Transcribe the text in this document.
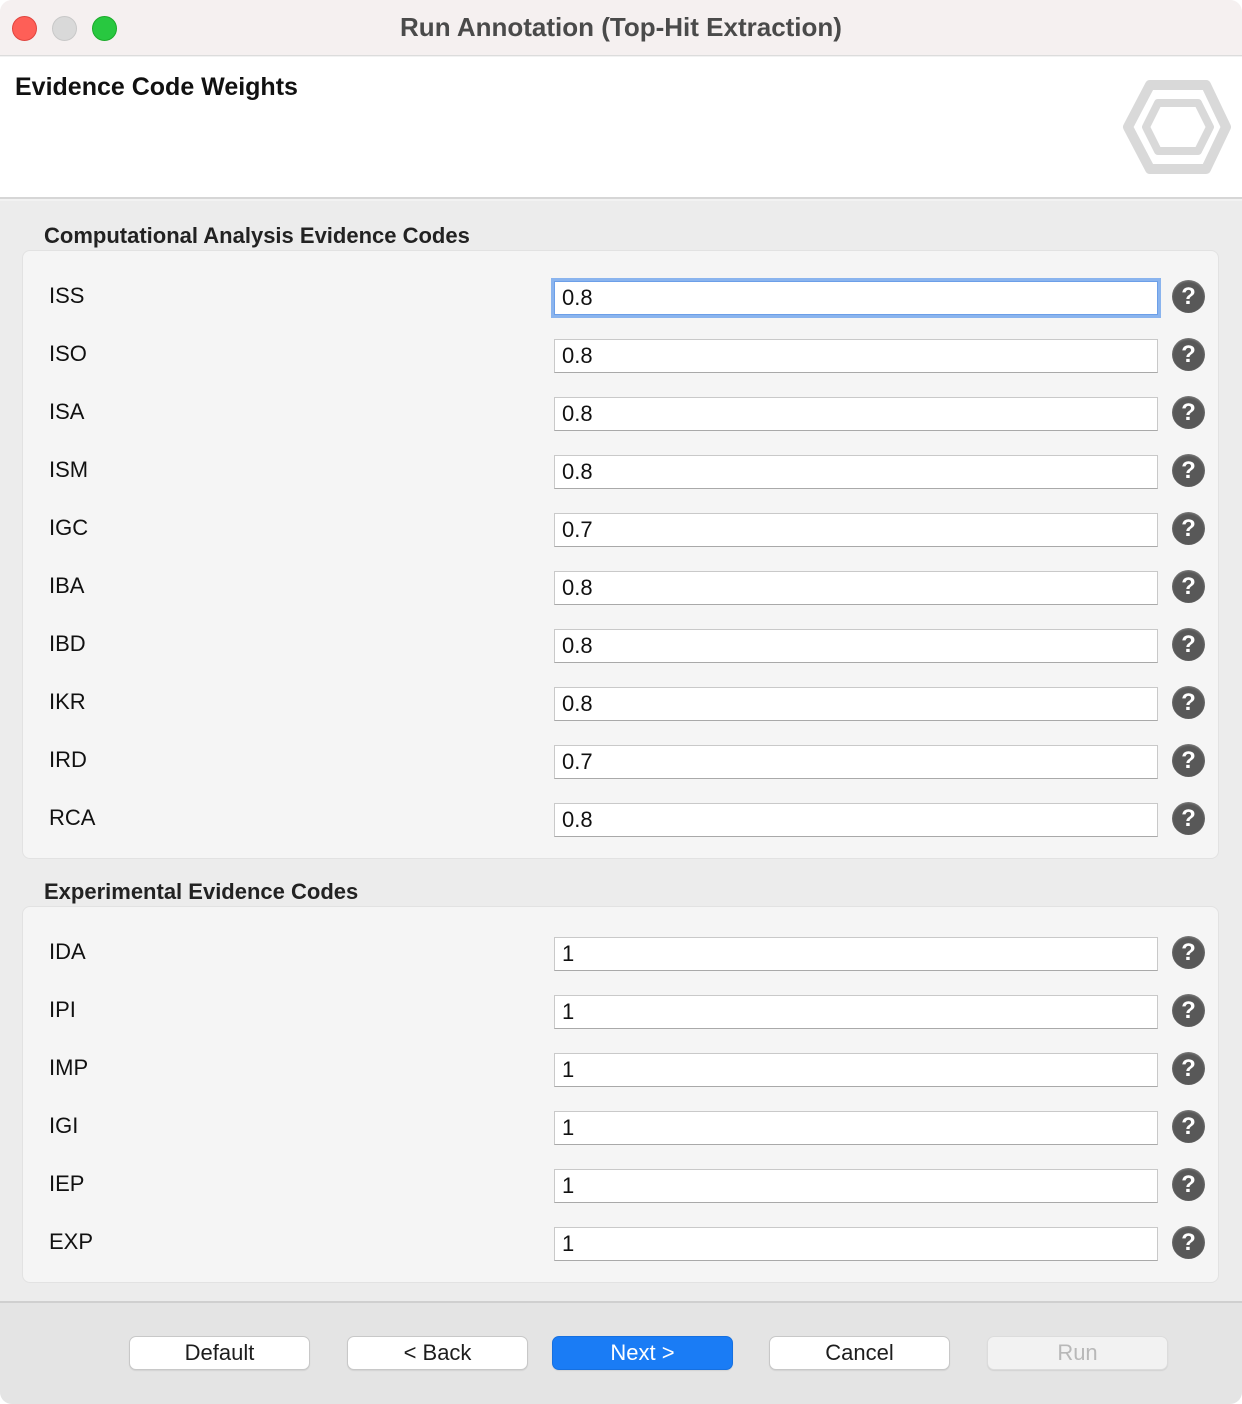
Run Annotation (Top-Hit Extraction)
Evidence Code Weights
Computational Analysis Evidence Codes
ISS
0.8	?
ISO
0.8	?
ISA
0.8	?
ISM
0.8	?
IGC
0.7	?
IBA
0.8	?
IBD
0.8	?
IKR
0.8	?
IRD
0.7	?
RCA
0.8	?
Experimental Evidence Codes
IDA
1	?
IPI
1	?
IMP
1	?
IGI
1	?
IEP
1	?
EXP
1	?
Default	< Back	Next >	Cancel	Run
